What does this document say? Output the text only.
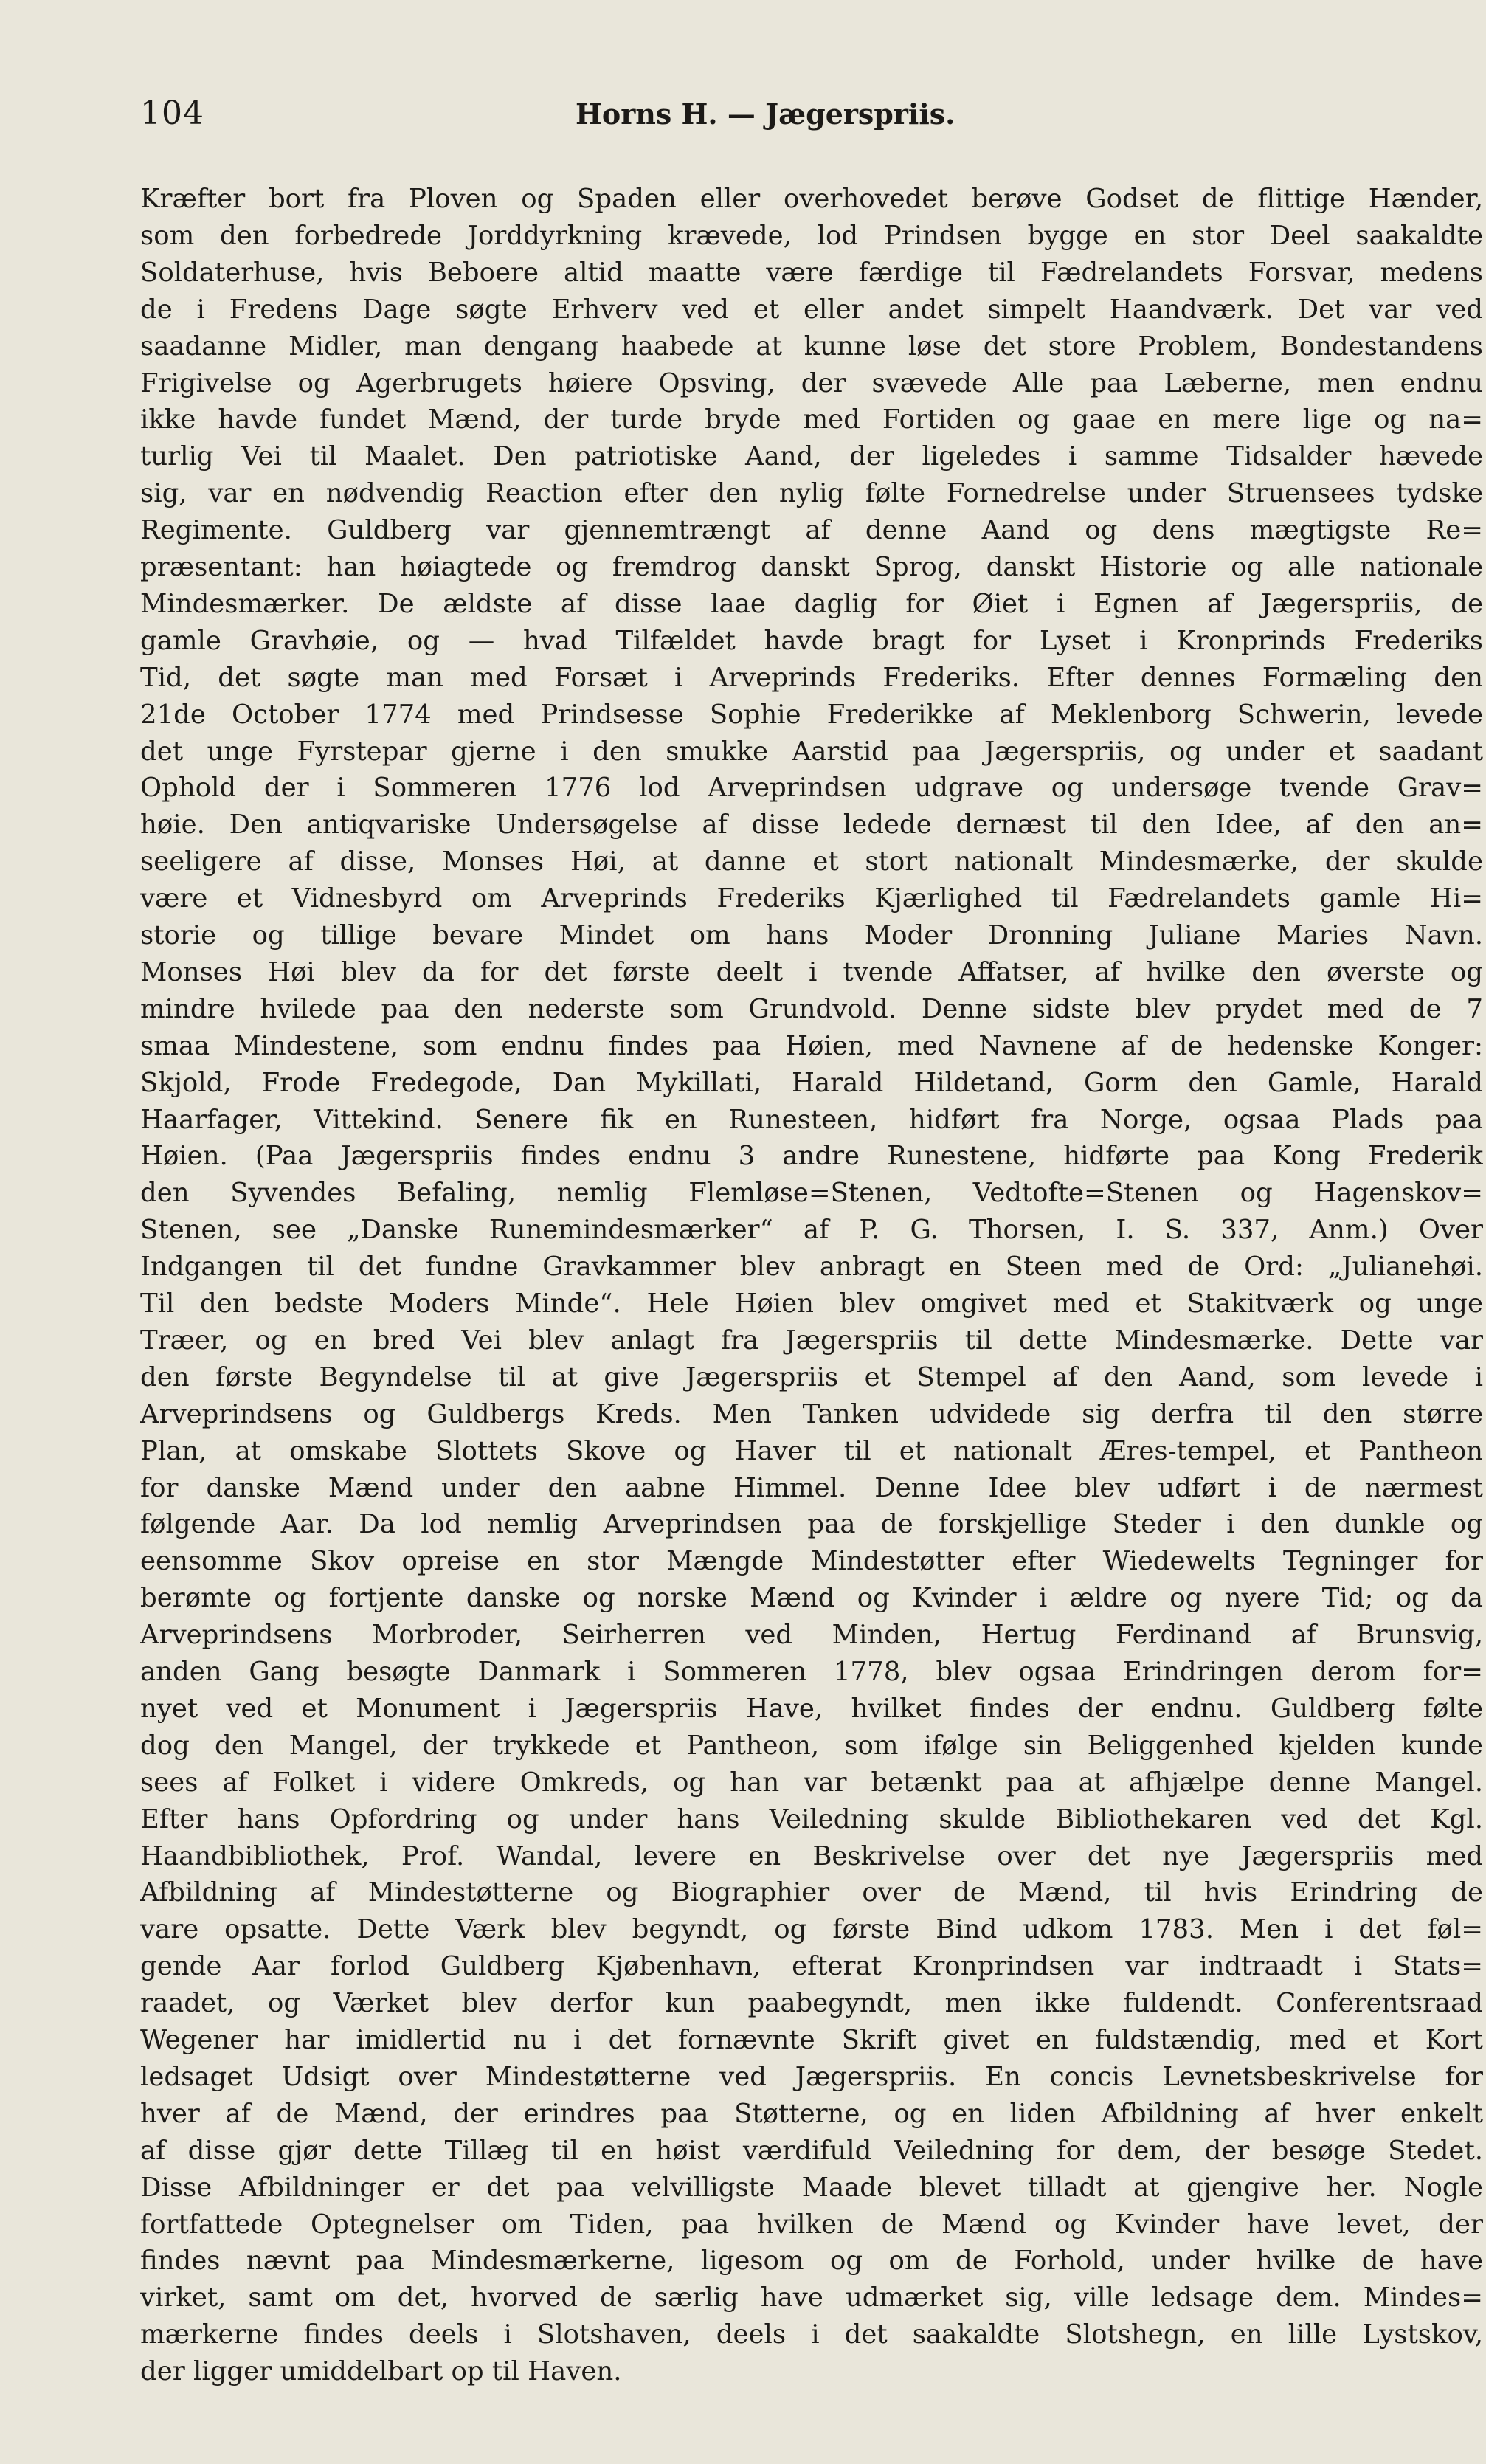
104	Horns H. — Jægerspriis.
Kræfter bort fra Ploven og Spaden eller overhovedet berøve Godset de flittige Hænder,
som den forbedrede Jorddyrkning krævede, lod Prindsen bygge en stor Deel saakaldte
Soldaterhuse, hvis Beboere altid maatte være færdige til Fædrelandets Forsvar, medens
de i Fredens Dage søgte Erhverv ved et eller andet simpelt Haandværk. Det var ved
saadanne Midler, man dengang haabede at kunne løse det store Problem, Bondestandens
Frigivelse og Agerbrugets høiere Opsving, der svævede Alle paa Læberne, men endnu
ikke havde fundet Mænd, der turde bryde med Fortiden og gaae en mere lige og na=
turlig Vei til Maalet. Den patriotiske Aand, der ligeledes i samme Tidsalder hævede
sig, var en nødvendig Reaction efter den nylig følte Fornedrelse under Struensees tydske
Regimente. Guldberg var gjennemtrængt af denne Aand og dens mægtigste Re=
præsentant: han høiagtede og fremdrog danskt Sprog, danskt Historie og alle nationale
Mindesmærker. De ældste af disse laae daglig for Øiet i Egnen af Jægerspriis, de
gamle Gravhøie, og — hvad Tilfældet havde bragt for Lyset i Kronprinds Frederiks
Tid, det søgte man med Forsæt i Arveprinds Frederiks. Efter dennes Formæling den
21de October 1774 med Prindsesse Sophie Frederikke af Meklenborg Schwerin, levede
det unge Fyrstepar gjerne i den smukke Aarstid paa Jægerspriis, og under et saadant
Ophold der i Sommeren 1776 lod Arveprindsen udgrave og undersøge tvende Grav=
høie. Den antiqvariske Undersøgelse af disse ledede dernæst til den Idee, af den an=
seeligere af disse, Monses Høi, at danne et stort nationalt Mindesmærke, der skulde
være et Vidnesbyrd om Arveprinds Frederiks Kjærlighed til Fædrelandets gamle Hi=
storie og tillige bevare Mindet om hans Moder Dronning Juliane Maries Navn.
Monses Høi blev da for det første deelt i tvende Affatser, af hvilke den øverste og
mindre hvilede paa den nederste som Grundvold. Denne sidste blev prydet med de 7
smaa Mindestene, som endnu findes paa Høien, med Navnene af de hedenske Konger:
Skjold, Frode Fredegode, Dan Mykillati, Harald Hildetand, Gorm den Gamle, Harald
Haarfager, Vittekind. Senere fik en Runesteen, hidført fra Norge, ogsaa Plads paa
Høien. (Paa Jægerspriis findes endnu 3 andre Runestene, hidførte paa Kong Frederik
den Syvendes Befaling, nemlig Flemløse=Stenen, Vedtofte=Stenen og Hagenskov=
Stenen, see „Danske Runemindesmærker“ af P. G. Thorsen, I. S. 337, Anm.) Over
Indgangen til det fundne Gravkammer blev anbragt en Steen med de Ord: „Julianehøi.
Til den bedste Moders Minde“. Hele Høien blev omgivet med et Stakitværk og unge
Træer, og en bred Vei blev anlagt fra Jægerspriis til dette Mindesmærke. Dette var
den første Begyndelse til at give Jægerspriis et Stempel af den Aand, som levede i
Arveprindsens og Guldbergs Kreds. Men Tanken udvidede sig derfra til den større
Plan, at omskabe Slottets Skove og Haver til et nationalt Æres-tempel, et Pantheon
for danske Mænd under den aabne Himmel. Denne Idee blev udført i de nærmest
følgende Aar. Da lod nemlig Arveprindsen paa de forskjellige Steder i den dunkle og
eensomme Skov opreise en stor Mængde Mindestøtter efter Wiedewelts Tegninger for
berømte og fortjente danske og norske Mænd og Kvinder i ældre og nyere Tid; og da
Arveprindsens Morbroder, Seirherren ved Minden, Hertug Ferdinand af Brunsvig,
anden Gang besøgte Danmark i Sommeren 1778, blev ogsaa Erindringen derom for=
nyet ved et Monument i Jægerspriis Have, hvilket findes der endnu. Guldberg følte
dog den Mangel, der trykkede et Pantheon, som ifølge sin Beliggenhed kjelden kunde
sees af Folket i videre Omkreds, og han var betænkt paa at afhjælpe denne Mangel.
Efter hans Opfordring og under hans Veiledning skulde Bibliothekaren ved det Kgl.
Haandbibliothek, Prof. Wandal, levere en Beskrivelse over det nye Jægerspriis med
Afbildning af Mindestøtterne og Biographier over de Mænd, til hvis Erindring de
vare opsatte. Dette Værk blev begyndt, og første Bind udkom 1783. Men i det føl=
gende Aar forlod Guldberg Kjøbenhavn, efterat Kronprindsen var indtraadt i Stats=
raadet, og Værket blev derfor kun paabegyndt, men ikke fuldendt. Conferentsraad
Wegener har imidlertid nu i det fornævnte Skrift givet en fuldstændig, med et Kort
ledsaget Udsigt over Mindestøtterne ved Jægerspriis. En concis Levnetsbeskrivelse for
hver af de Mænd, der erindres paa Støtterne, og en liden Afbildning af hver enkelt
af disse gjør dette Tillæg til en høist værdifuld Veiledning for dem, der besøge Stedet.
Disse Afbildninger er det paa velvilligste Maade blevet tilladt at gjengive her. Nogle
fortfattede Optegnelser om Tiden, paa hvilken de Mænd og Kvinder have levet, der
findes nævnt paa Mindesmærkerne, ligesom og om de Forhold, under hvilke de have
virket, samt om det, hvorved de særlig have udmærket sig, ville ledsage dem. Mindes=
mærkerne findes deels i Slotshaven, deels i det saakaldte Slotshegn, en lille Lystskov,
der ligger umiddelbart op til Haven.
